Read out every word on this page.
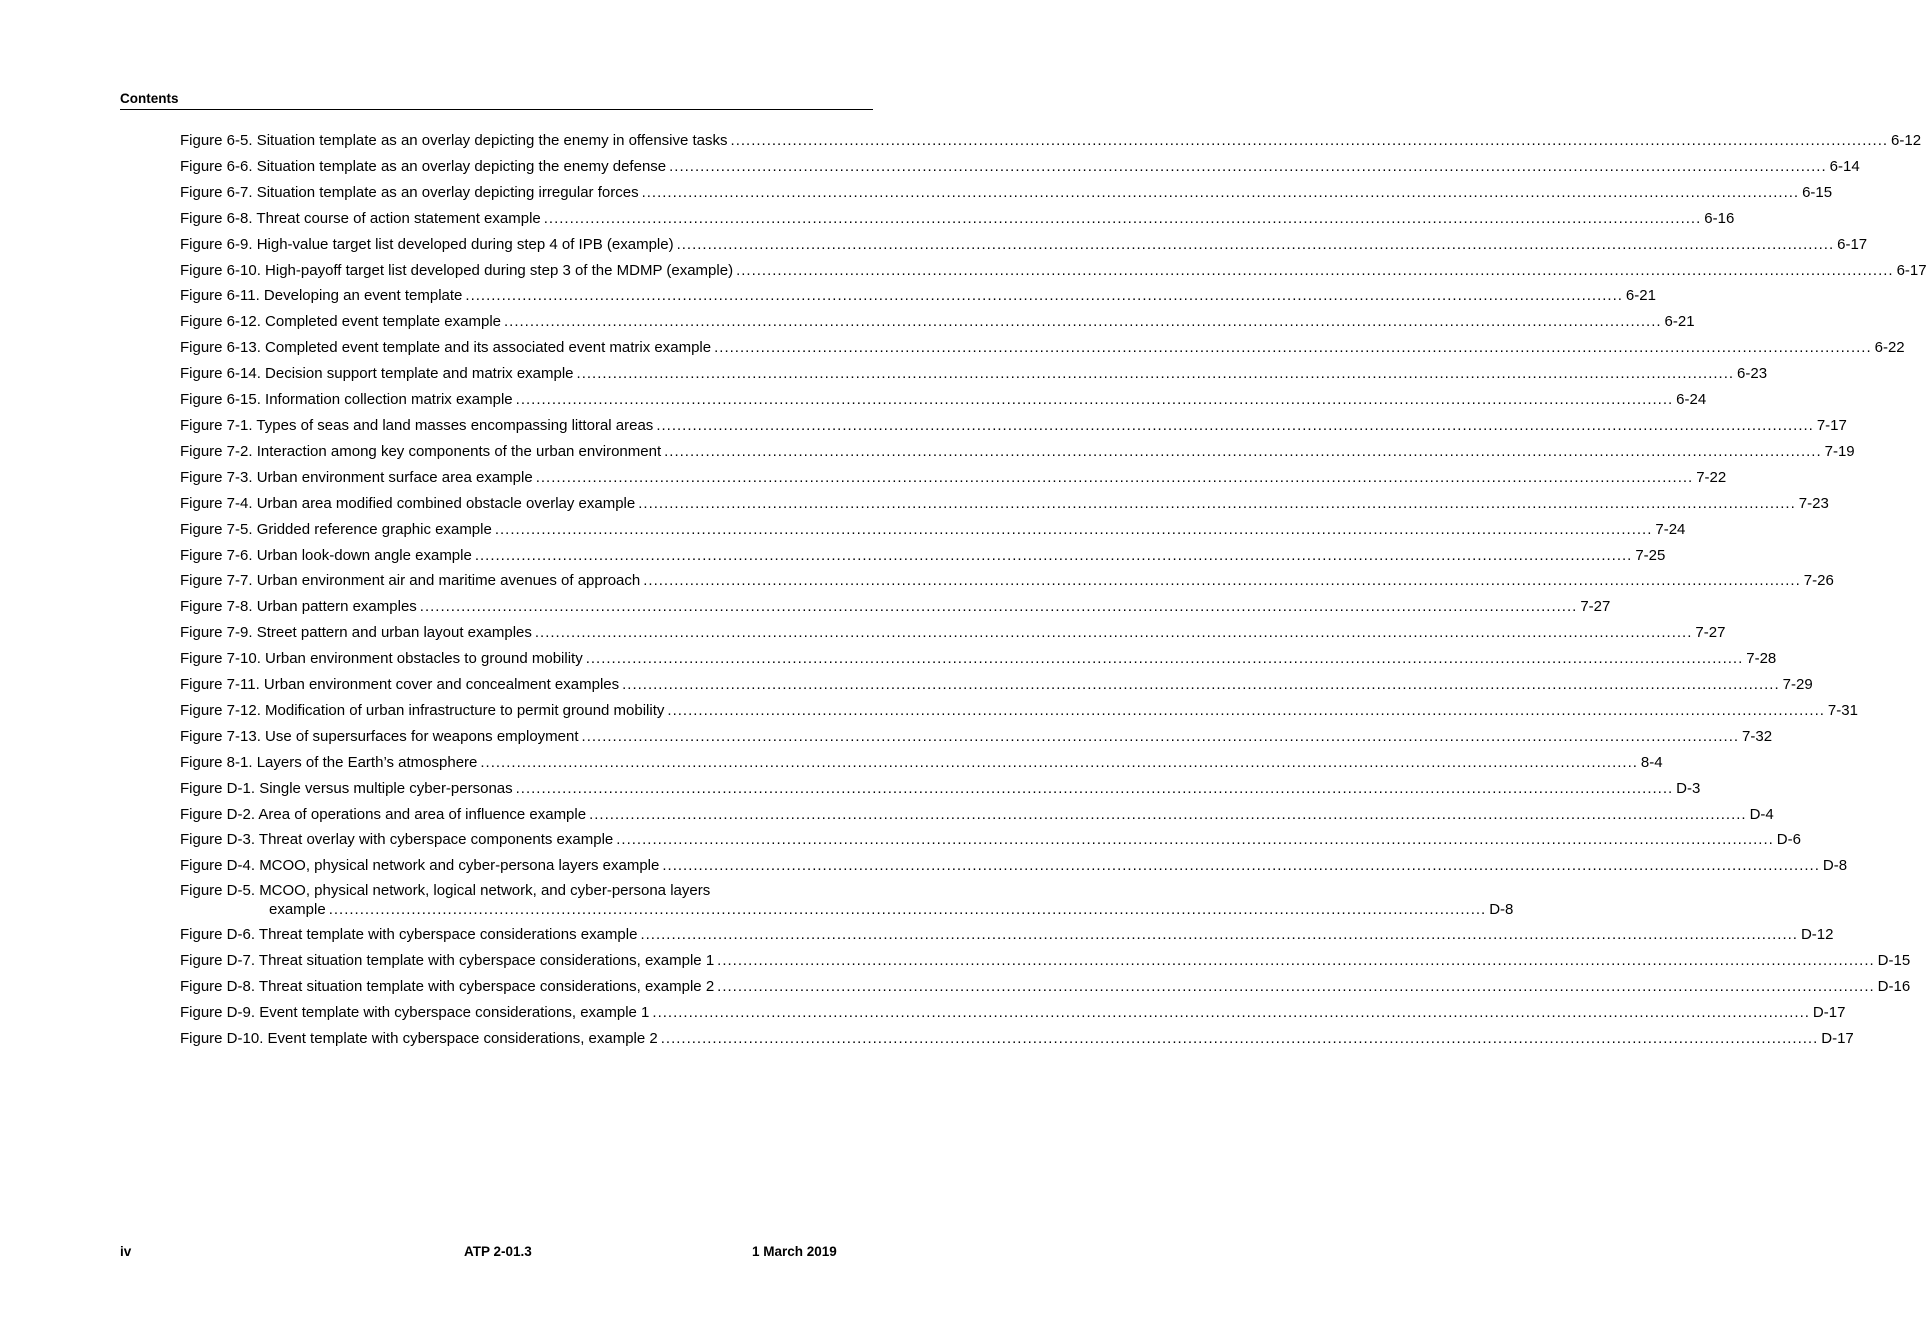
Contents
Figure 6-5. Situation template as an overlay depicting the enemy in offensive tasks .....	6-12
Figure 6-6. Situation template as an overlay depicting the enemy defense .....	6-14
Figure 6-7. Situation template as an overlay depicting irregular forces .....	6-15
Figure 6-8. Threat course of action statement example .....	6-16
Figure 6-9. High-value target list developed during step 4 of IPB (example) .....	6-17
Figure 6-10. High-payoff target list developed during step 3 of the MDMP (example) .....	6-17
Figure 6-11. Developing an event template .....	6-21
Figure 6-12. Completed event template example .....	6-21
Figure 6-13. Completed event template and its associated event matrix example .....	6-22
Figure 6-14. Decision support template and matrix example .....	6-23
Figure 6-15. Information collection matrix example .....	6-24
Figure 7-1. Types of seas and land masses encompassing littoral areas .....	7-17
Figure 7-2. Interaction among key components of the urban environment .....	7-19
Figure 7-3. Urban environment surface area example .....	7-22
Figure 7-4. Urban area modified combined obstacle overlay example .....	7-23
Figure 7-5. Gridded reference graphic example .....	7-24
Figure 7-6. Urban look-down angle example .....	7-25
Figure 7-7. Urban environment air and maritime avenues of approach .....	7-26
Figure 7-8. Urban pattern examples .....	7-27
Figure 7-9. Street pattern and urban layout examples .....	7-27
Figure 7-10. Urban environment obstacles to ground mobility .....	7-28
Figure 7-11. Urban environment cover and concealment examples .....	7-29
Figure 7-12. Modification of urban infrastructure to permit ground mobility .....	7-31
Figure 7-13. Use of supersurfaces for weapons employment .....	7-32
Figure 8-1. Layers of the Earth’s atmosphere .....	8-4
Figure D-1. Single versus multiple cyber-personas .....	D-3
Figure D-2. Area of operations and area of influence example .....	D-4
Figure D-3. Threat overlay with cyberspace components example .....	D-6
Figure D-4. MCOO, physical network and cyber-persona layers example .....	D-8
Figure D-5. MCOO, physical network, logical network, and cyber-persona layers
example .....	D-8
Figure D-6. Threat template with cyberspace considerations example .....	D-12
Figure D-7. Threat situation template with cyberspace considerations, example 1 .....	D-15
Figure D-8. Threat situation template with cyberspace considerations, example 2 .....	D-16
Figure D-9. Event template with cyberspace considerations, example 1 .....	D-17
Figure D-10. Event template with cyberspace considerations, example 2 .....	D-17
iv	ATP 2-01.3	1 March 2019
